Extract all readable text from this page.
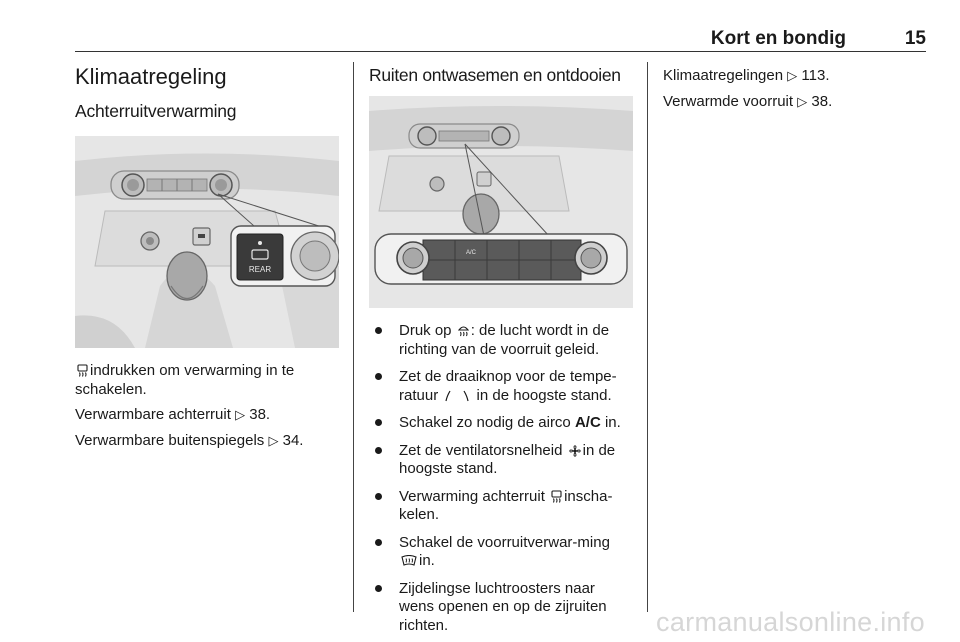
Kort en bondig	15
Klimaatregeling
Achterruitverwarming
REAR

indrukken om verwarming in te schakelen.

Verwarmbare achterruit ▷ 38.

Verwarmbare buitenspiegels ▷ 34.

Ruiten ontwasemen en ontdooien
A/C
Druk op : de lucht wordt in de richting van de voorruit geleid.
Zet de draaiknop voor de tempe-ratuur	in de hoogste stand.
Schakel zo nodig de airco A/C in.
Zet de ventilatorsnelheid in de hoogste stand.
Verwarming achterruit inscha-kelen.
Schakel de voorruitverwar-ming in.
Zijdelingse luchtroosters naar wens openen en op de zijruiten richten.

Klimaatregelingen ▷ 113.

Verwarmde voorruit ▷ 38.

carmanualsonline.info
